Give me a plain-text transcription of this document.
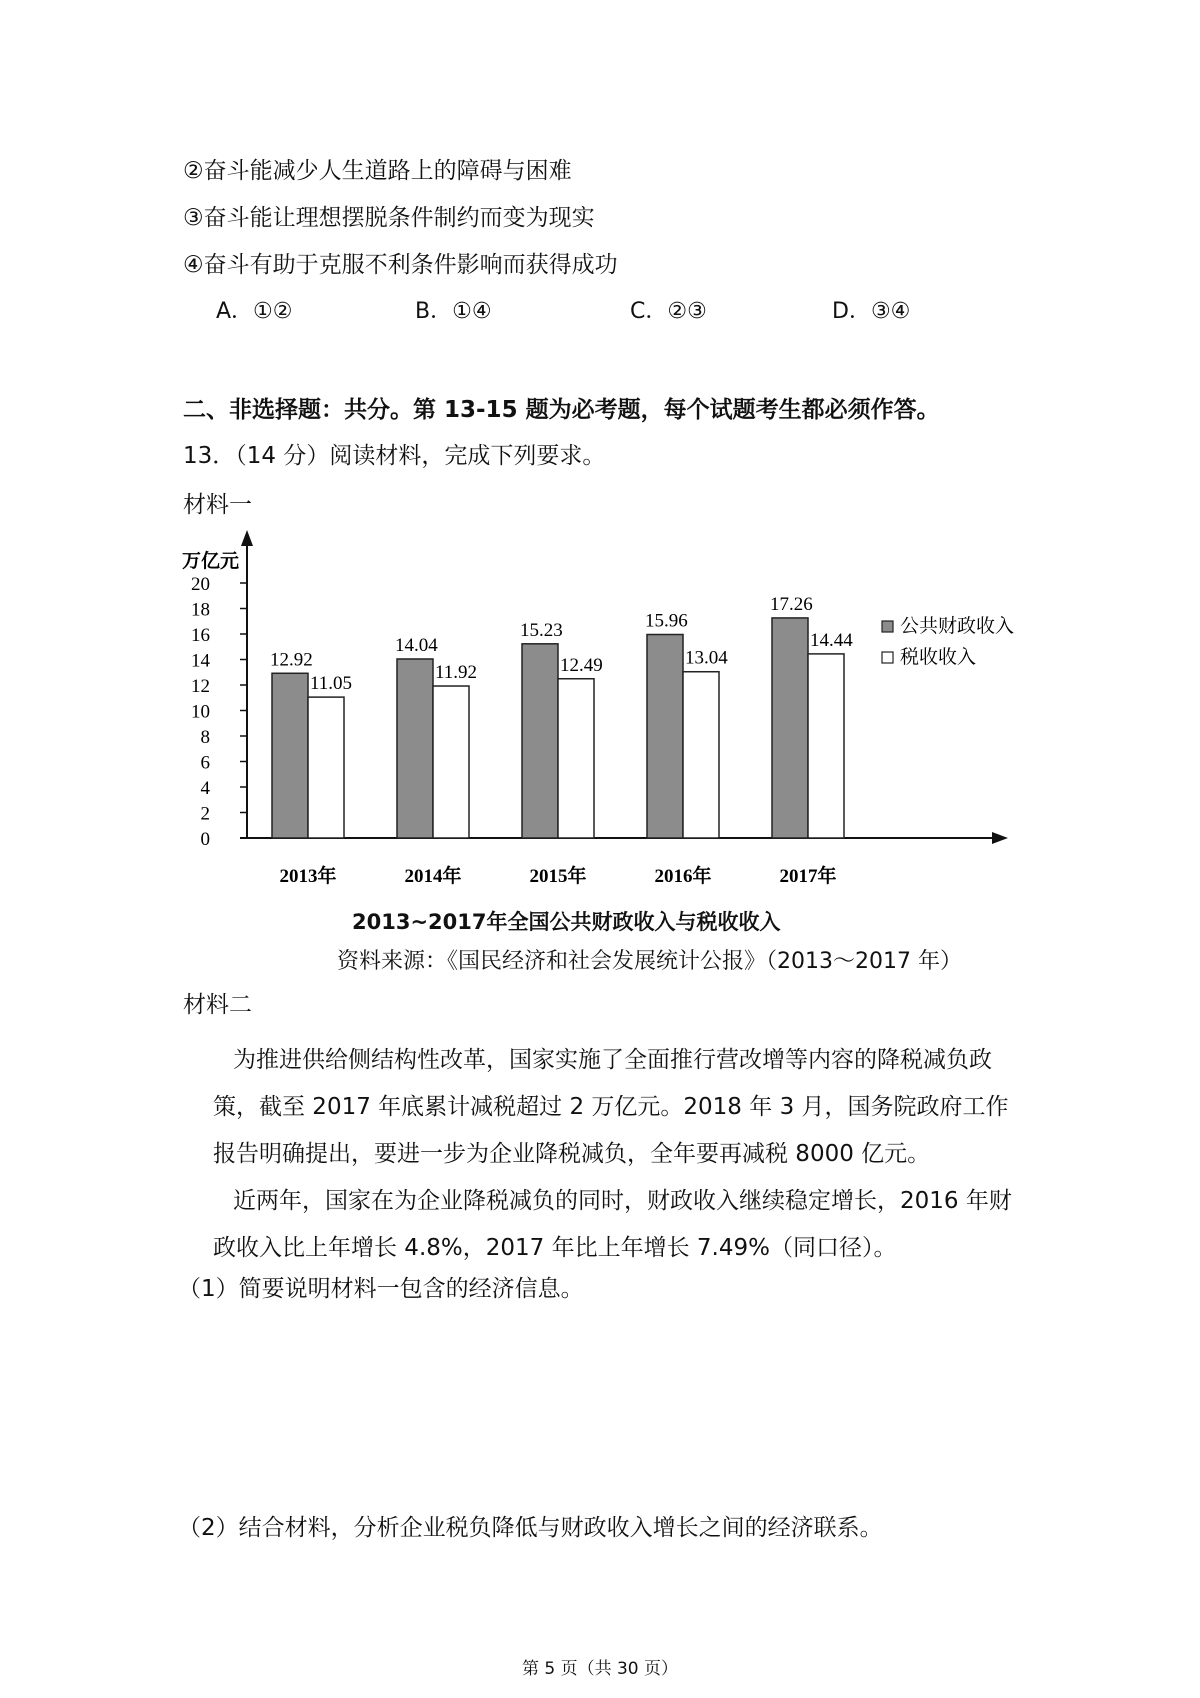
②奋斗能减少人生道路上的障碍与困难
③奋斗能让理想摆脱条件制约而变为现实
④奋斗有助于克服不利条件影响而获得成功
A．①②	B．①④	C．②③	D．③④
二、非选择题：共分。第 13-15 题为必考题，每个试题考生都必须作答。
13．（14 分）阅读材料，完成下列要求。
材料一
万亿元
0
2
4
6
8
10
12
14
16
18
20
12.92
11.05
14.04
11.92
15.23
12.49
15.96
13.04
17.26
14.44
2013年	2014年	2015年	2016年	2017年
公共财政收入
税收收入
2013~2017年全国公共财政收入与税收收入
资料来源：《国民经济和社会发展统计公报》（2013～2017 年）
材料二
为推进供给侧结构性改革，国家实施了全面推行营改增等内容的降税减负政策，截至 2017 年底累计减税超过 2 万亿元。2018 年 3 月，国务院政府工作报告明确提出，要进一步为企业降税减负，全年要再减税 8000 亿元。
近两年，国家在为企业降税减负的同时，财政收入继续稳定增长，2016 年财政收入比上年增长 4.8%，2017 年比上年增长 7.49%（同口径）。
（1）简要说明材料一包含的经济信息。
（2）结合材料，分析企业税负降低与财政收入增长之间的经济联系。
第 5 页（共 30 页）
